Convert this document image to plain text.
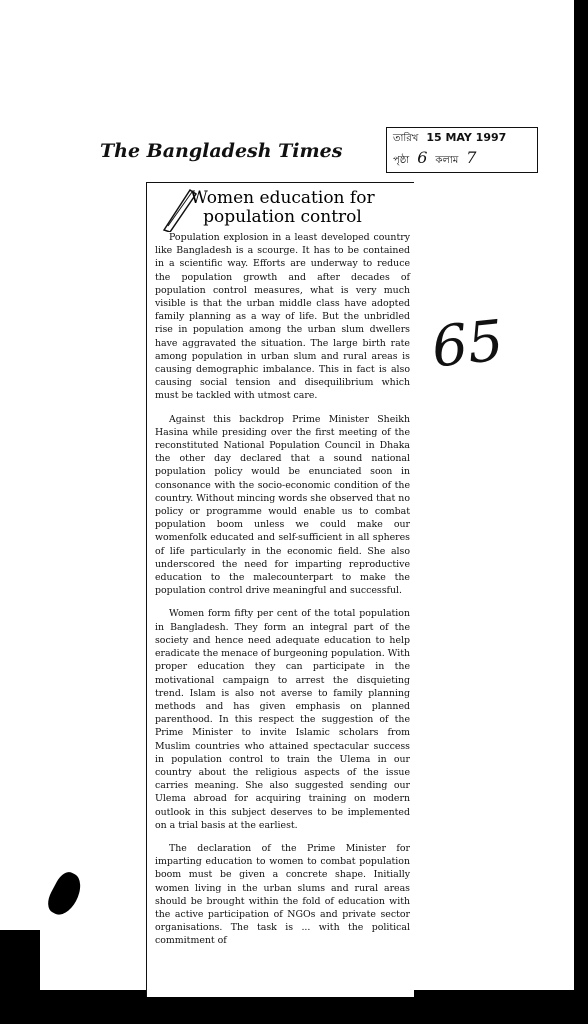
The Bangladesh Times
তারিখ 15 MAY 1997
পৃষ্ঠা 6 কলাম 7
65
Women education for population control

Population explosion in a least developed country like Bangladesh is a scourge. It has to be contained in a scientific way. Efforts are underway to reduce the population growth and after decades of population control measures, what is very much visible is that the urban middle class have adopted family planning as a way of life. But the unbridled rise in population among the urban slum dwellers have aggravated the situation. The large birth rate among population in urban slum and rural areas is causing demographic imbalance. This in fact is also causing social tension and disequilibrium which must be tackled with utmost care.

Against this backdrop Prime Minister Sheikh Hasina while presiding over the first meeting of the reconstituted National Population Council in Dhaka the other day declared that a sound national population policy would be enunciated soon in consonance with the socio-economic condition of the country. Without mincing words she observed that no policy or programme would enable us to combat population boom unless we could make our womenfolk educated and self-sufficient in all spheres of life particularly in the economic field. She also underscored the need for imparting reproductive education to the malecounterpart to make the population control drive meaningful and successful.

Women form fifty per cent of the total population in Bangladesh. They form an integral part of the society and hence need adequate education to help eradicate the menace of burgeoning population. With proper education they can participate in the motivational campaign to arrest the disquieting trend. Islam is also not averse to family planning methods and has given emphasis on planned parenthood. In this respect the suggestion of the Prime Minister to invite Islamic scholars from Muslim countries who attained spectacular success in population control to train the Ulema in our country about the religious aspects of the issue carries meaning. She also suggested sending our Ulema abroad for acquiring training on modern outlook in this subject deserves to be implemented on a trial basis at the earliest.

The declaration of the Prime Minister for imparting education to women to combat population boom must be given a concrete shape. Initially women living in the urban slums and rural areas should be brought within the fold of education with the active participation of NGOs and private sector organisations. The task is ... with the political commitment of
